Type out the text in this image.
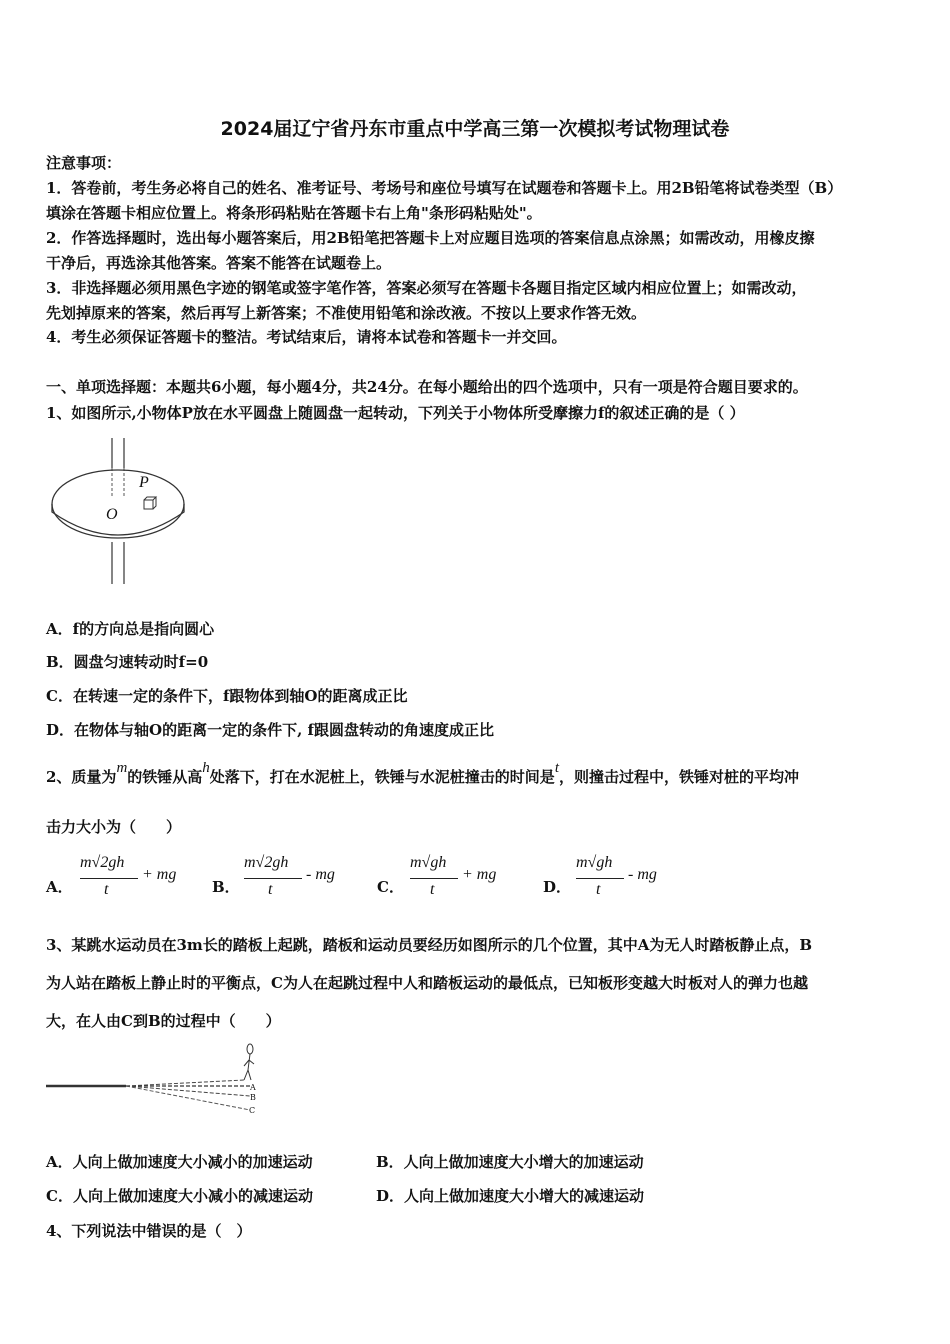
2024届辽宁省丹东市重点中学高三第一次模拟考试物理试卷
注意事项：
1．答卷前，考生务必将自己的姓名、准考证号、考场号和座位号填写在试题卷和答题卡上。用2B铅笔将试卷类型（B）
填涂在答题卡相应位置上。将条形码粘贴在答题卡右上角"条形码粘贴处"。
2．作答选择题时，选出每小题答案后，用2B铅笔把答题卡上对应题目选项的答案信息点涂黑；如需改动，用橡皮擦
干净后，再选涂其他答案。答案不能答在试题卷上。
3．非选择题必须用黑色字迹的钢笔或签字笔作答，答案必须写在答题卡各题目指定区域内相应位置上；如需改动，
先划掉原来的答案，然后再写上新答案；不准使用铅笔和涂改液。不按以上要求作答无效。
4．考生必须保证答题卡的整洁。考试结束后，请将本试卷和答题卡一并交回。
一、单项选择题：本题共6小题，每小题4分，共24分。在每小题给出的四个选项中，只有一项是符合题目要求的。
1、如图所示,小物体P放在水平圆盘上随圆盘一起转动，下列关于小物体所受摩擦力f的叙述正确的是（ ）
P
O
A．f的方向总是指向圆心
B．圆盘匀速转动时f=0
C．在转速一定的条件下，f跟物体到轴O的距离成正比
D．在物体与轴O的距离一定的条件下, f跟圆盘转动的角速度成正比
2、质量为m的铁锤从高h处落下，打在水泥桩上，铁锤与水泥桩撞击的时间是t，则撞击过程中，铁锤对桩的平均冲
击力大小为（　　）
A．
m√2gh
t
+ mg
B．
m√2gh
t
- mg
C．
m√gh
t
+ mg
D．
m√gh
t
- mg
3、某跳水运动员在3m长的踏板上起跳，踏板和运动员要经历如图所示的几个位置，其中A为无人时踏板静止点，B
为人站在踏板上静止时的平衡点，C为人在起跳过程中人和踏板运动的最低点，已知板形变越大时板对人的弹力也越
大，在人由C到B的过程中（　　）
A
B
C
A．人向上做加速度大小减小的加速运动	B．人向上做加速度大小增大的加速运动
C．人向上做加速度大小减小的减速运动	D．人向上做加速度大小增大的减速运动
4、下列说法中错误的是（　）
